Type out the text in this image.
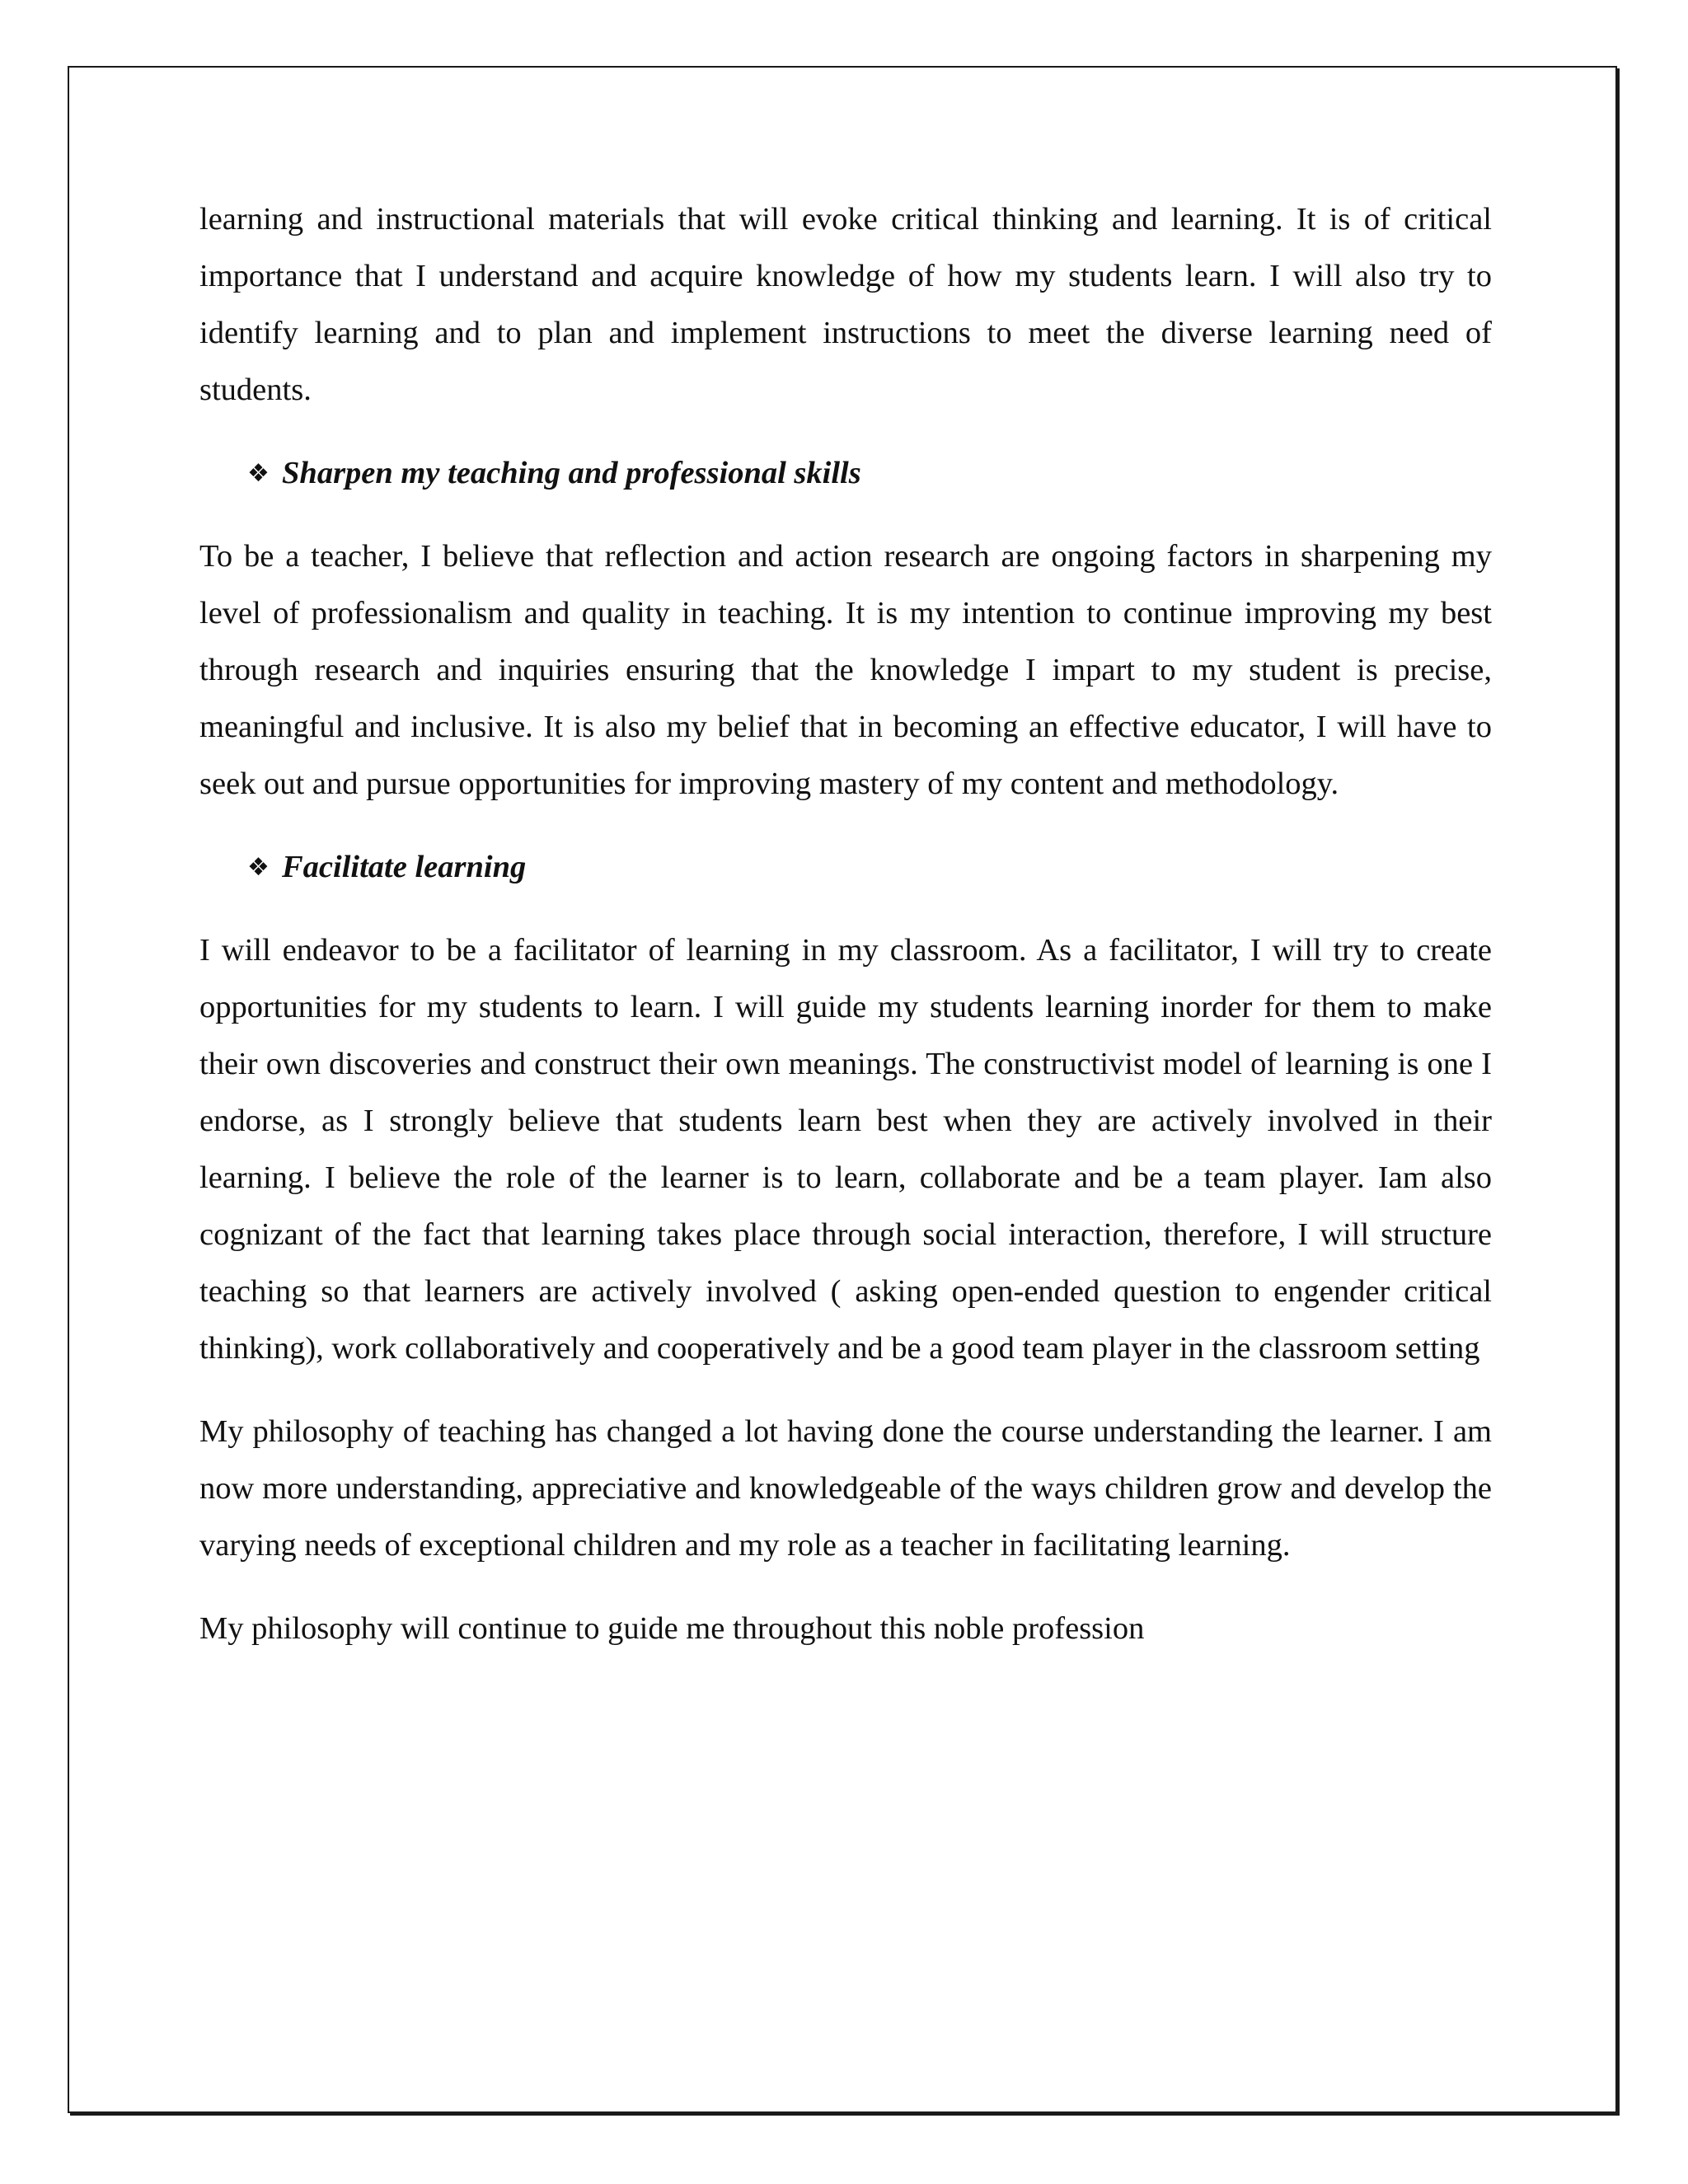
learning and instructional materials that will evoke critical thinking and learning. It is of critical importance that I understand and acquire knowledge of how my students learn. I will also try to identify learning and to plan and implement instructions to meet the diverse learning need of students.

❖ Sharpen my teaching and professional skills

To be a teacher, I believe that reflection and action research are ongoing factors in sharpening my level of professionalism and quality in teaching. It is my intention to continue improving my best through research and inquiries ensuring that the knowledge I impart to my student is precise, meaningful and inclusive. It is also my belief that in becoming an effective educator, I will have to seek out and pursue opportunities for improving mastery of my content and methodology.

❖ Facilitate learning

I will endeavor to be a facilitator of learning in my classroom. As a facilitator, I will try to create opportunities for my students to learn. I will guide my students learning inorder for them to make their own discoveries and construct their own meanings. The constructivist model of learning is one I endorse, as I strongly believe that students learn best when they are actively involved in their learning. I believe the role of the learner is to learn, collaborate and be a team player. Iam also cognizant of the fact that learning takes place through social interaction, therefore, I will structure teaching so that learners are actively involved ( asking open-ended question to engender critical thinking), work collaboratively and cooperatively and be a good team player in the classroom setting

My philosophy of teaching has changed a lot having done the course understanding the learner. I am now more understanding, appreciative and knowledgeable of the ways children grow and develop the varying needs of exceptional children and my role as a teacher in facilitating learning.

My philosophy will continue to guide me throughout this noble profession
